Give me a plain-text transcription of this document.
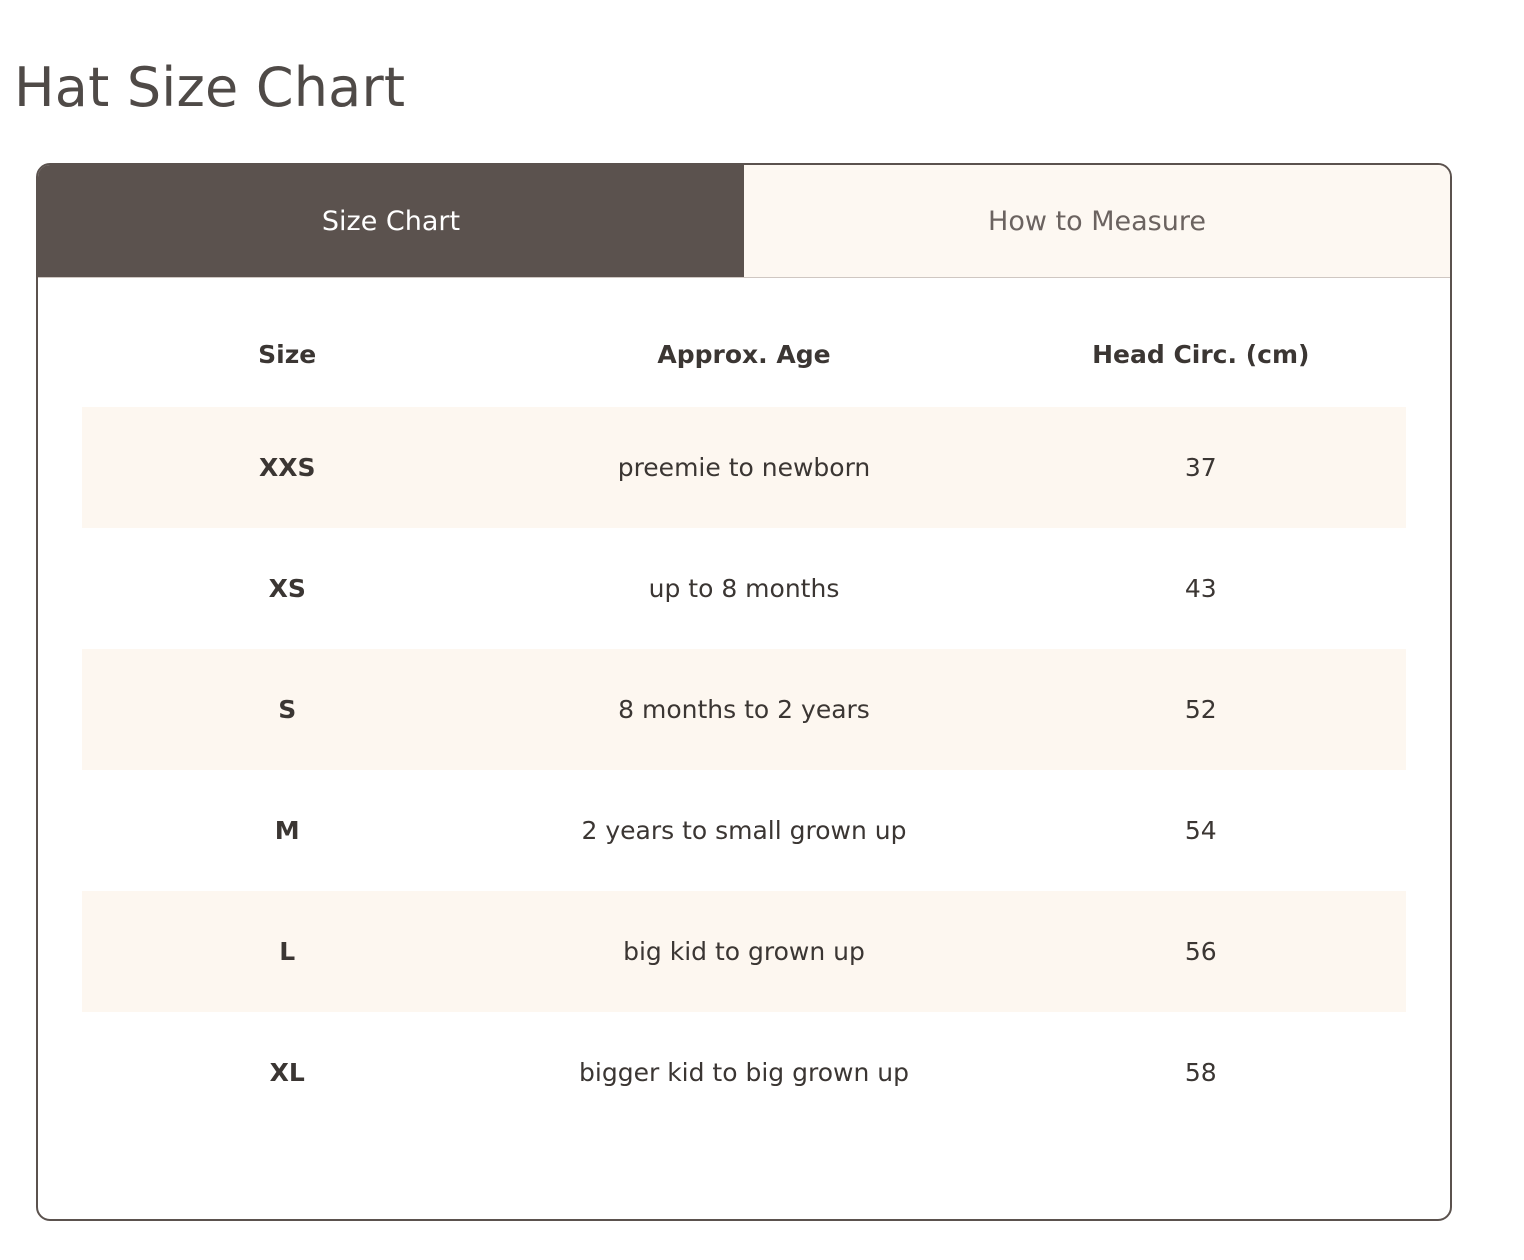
Hat Size Chart
Size Chart	How to Measure
Size	Approx. Age	Head Circ. (cm)
XXS	preemie to newborn	37
XS	up to 8 months	43
S	8 months to 2 years	52
M	2 years to small grown up	54
L	big kid to grown up	56
XL	bigger kid to big grown up	58
